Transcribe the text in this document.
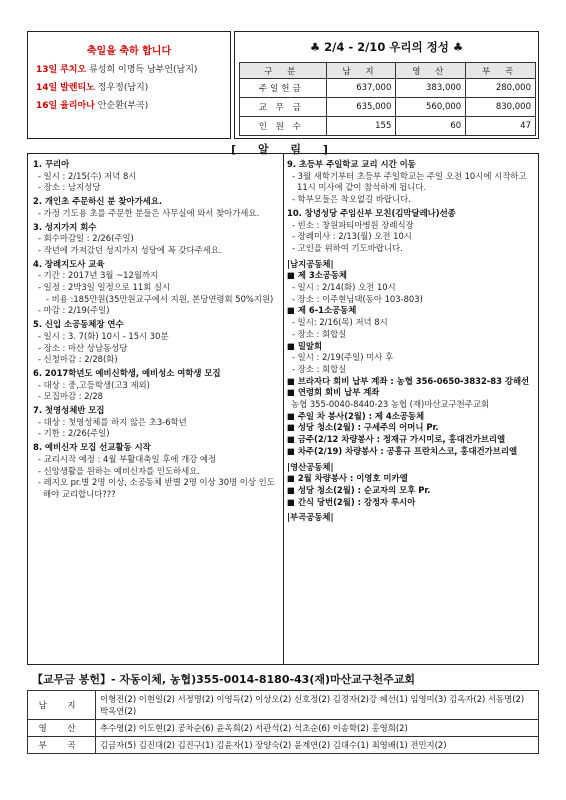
축일을 축하 합니다
13일 루치오 류성희 이명득 남부언(남지)
14일 발렌티노 정우정(남지)
16일 율리아나 안순환(부곡)
♣ 2/4 - 2/10 우리의 정성 ♣
구 분	남 지	영 산	부 곡
주일헌금	637,000	383,000	280,000
교 무 금	635,000	560,000	830,000
인 원 수	155	60	47
[ 알 림 ]
1. 꾸리아
- 일시 : 2/15(수) 저녁 8시
- 장소 : 남지성당
2. 개인초 주문하신 분 찾아가세요.
- 가정 기도용 초를 주문한 분들은 사무실에 와서 찾아가세요.
3. 성지가지 회수
- 회수마감일 : 2/26(주일)
- 작년에 가져갔던 성지가지 성당에 꼭 갖다주세요.
4. 장례지도사 교육
- 기간 : 2017년 3월 ~12월까지
- 일정 : 2박3일 일정으로 11회 실시
- 비용 :185만원(35만원교구에서 지원, 본당연령회 50%지원)
- 마감 : 2/19(주일)
5. 신입 소공동체장 연수
- 일시 : 3. 7(화) 10시 - 15시 30분
- 장소 : 마산 상남동성당
- 신청마감 : 2/28(화)
6. 2017학년도 예비신학생, 예비성소 여학생 모집
- 대상 : 중,고등학생(고3 제외)
- 모집마감 : 2/28
7. 첫영성체반 모집
- 대상 : 첫영성체를 하지 않은 초3-6학년
- 기한 : 2/26(주일)
8. 예비신자 모집 선교활동 시작
- 교리시작 예정 : 4월 부활대축일 후에 개강 예정
- 신앙생활을 원하는 예비신자를 인도하세요.
- 레지오 pr.별 2명 이상, 소공동체 반별 2명 이상 30명 이상 인도해야 교리합니다???
9. 초등부 주일학교 교리 시간 이동
- 3월 새학기부터 초등부 주일학교는 주일 오전 10시에 시작하고 11시 미사에 같이 참석하게 됩니다.
- 학부모들은 착오없길 바랍니다.
10. 창녕성당 주임신부 모친(김막달레나)선종
- 빈소 : 창원파티마병원 장례식장
- 장례미사 : 2/13(월) 오전 10시
- 고인을 위하여 기도바랍니다.
|남지공동체|
■ 제 3소공동체
- 일시 : 2/14(화) 오전 10시
- 장소 : 이주현님댁(동아 103-803)
■ 제 6-1소공동체
- 일시: 2/16(목) 저녁 8시
- 장소 : 회합실
■ 밀알회
- 일시 : 2/19(주일) 미사 후
- 장소 : 회합실
■ 브라자다 회비 납부 계좌 : 농협 356-0650-3832-83 강해선
■ 연령회 회비 납부 계좌
농협 355-0040-8440-23 농협 (재)마산교구천주교회
■ 주일 차 봉사(2월) : 제 4소공동체
■ 성당 청소(2월) : 구세주의 어머니 Pr.
■ 금주(2/12 차량봉사 : 정재규 가시미로, 홍대건가브리엘
■ 차주(2/19) 차량봉사 : 공흥규 프란치스코, 홍대건가브리엘
|영산공동체|
■ 2월 차량봉사 : 이영호 미카엘
■ 성당 청소(2월) : 순교자의 모후 Pr.
■ 간식 당번(2월) : 강정자 루시아
|부곡공동체|
【교무금 봉헌】- 자동이체, 농협)355-0014-8180-43(재)마산교구천주교회
남 지	이형진(2) 이현일(2) 서정명(2) 이영득(2) 이상오(2) 신호정(2) 김경자(2)강 혜선(1) 임영미(3) 김옥자(2) 서동명(2) 박옥연(2)
영 산	추수영(2) 이도현(2) 공차순(6) 윤옥희(2) 서관석(2) 석초순(6) 이송학(2) 홍영희(2)
부 곡	김금자(5) 김진대(2) 김진구(1) 김윤자(1) 장양숙(2) 윤계연(2) 김대수(1) 최영배(1) 전민지(2)
